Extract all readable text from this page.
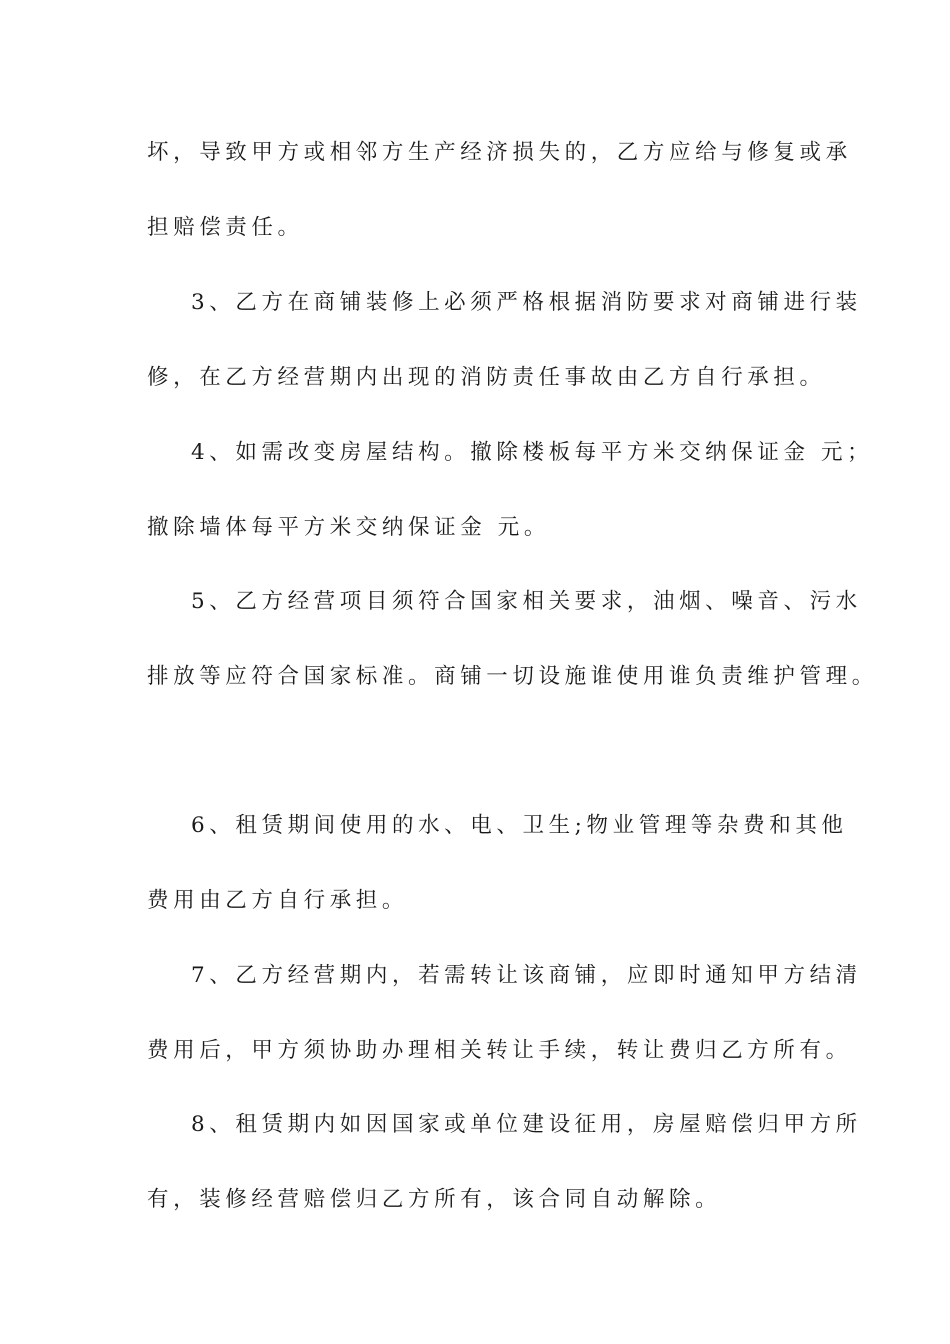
坏，导致甲方或相邻方生产经济损失的，乙方应给与修复或承
担赔偿责任。
3、乙方在商铺装修上必须严格根据消防要求对商铺进行装
修，在乙方经营期内出现的消防责任事故由乙方自行承担。
4、如需改变房屋结构。撤除楼板每平方米交纳保证金 元；
撤除墙体每平方米交纳保证金 元。
5、乙方经营项目须符合国家相关要求，油烟、噪音、污水
排放等应符合国家标准。商铺一切设施谁使用谁负责维护管理。
6、租赁期间使用的水、电、卫生;物业管理等杂费和其他
费用由乙方自行承担。
7、乙方经营期内，若需转让该商铺，应即时通知甲方结清
费用后，甲方须协助办理相关转让手续，转让费归乙方所有。
8、租赁期内如因国家或单位建设征用，房屋赔偿归甲方所
有，装修经营赔偿归乙方所有，该合同自动解除。
